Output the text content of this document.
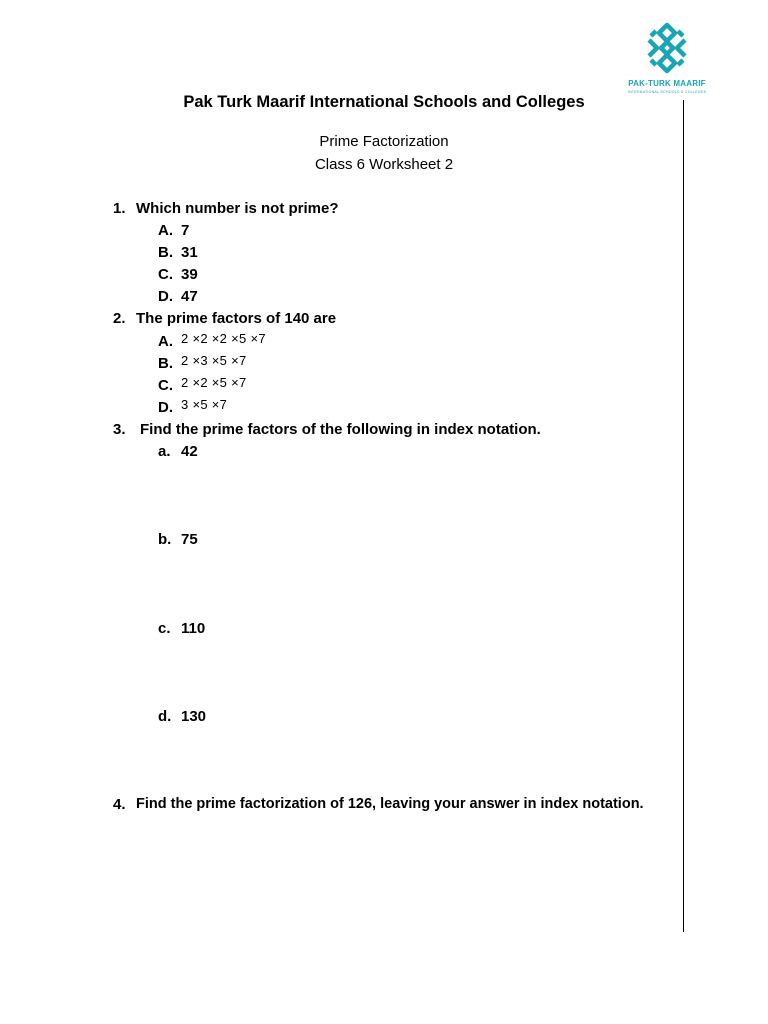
PAK-TURK MAARIF
INTERNATIONAL SCHOOLS & COLLEGES
Pak Turk Maarif International Schools and Colleges
Prime Factorization
Class 6 Worksheet 2
1. Which number is not prime?
A. 7
B. 31
C. 39
D. 47
2. The prime factors of 140 are
A. 2 ×2 ×2 ×5 ×7
B. 2 ×3 ×5 ×7
C. 2 ×2 ×5 ×7
D. 3 ×5 ×7
3. Find the prime factors of the following in index notation.
a. 42
b. 75
c. 110
d. 130
4. Find the prime factorization of 126, leaving your answer in index notation.
